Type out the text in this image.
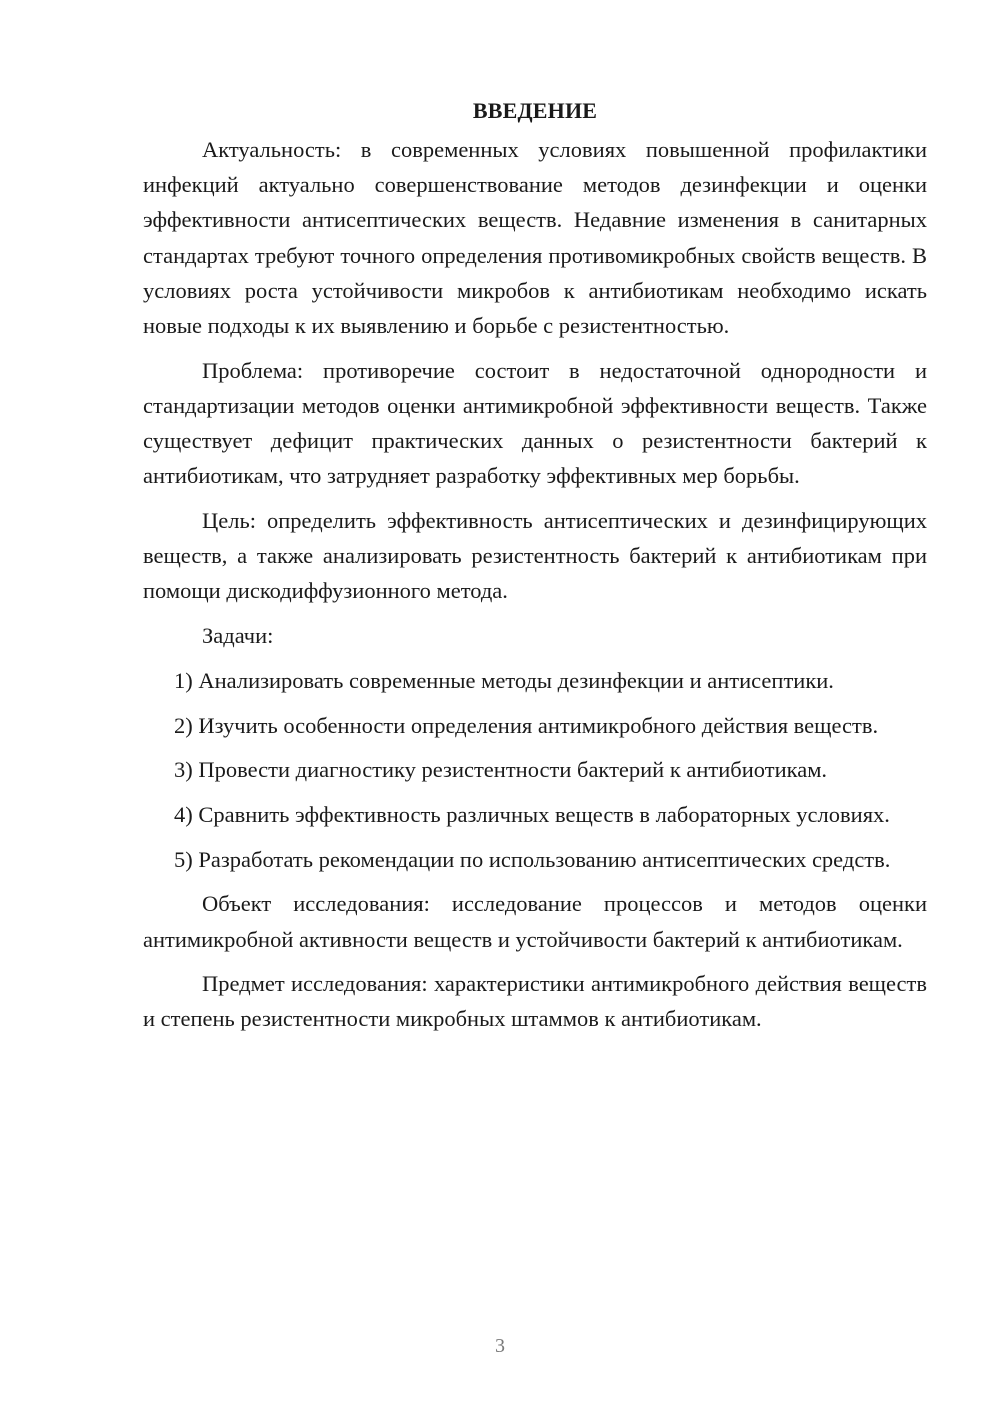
ВВЕДЕНИЕ

Актуальность: в современных условиях повышенной профилактики инфекций актуально совершенствование методов дезинфекции и оценки эффективности антисептических веществ. Недавние изменения в санитарных стандартах требуют точного определения противомикробных свойств веществ. В условиях роста устойчивости микробов к антибиотикам необходимо искать новые подходы к их выявлению и борьбе с резистентностью.

Проблема: противоречие состоит в недостаточной однородности и стандартизации методов оценки антимикробной эффективности веществ. Также существует дефицит практических данных о резистентности бактерий к антибиотикам, что затрудняет разработку эффективных мер борьбы.

Цель: определить эффективность антисептических и дезинфицирующих веществ, а также анализировать резистентность бактерий к антибиотикам при помощи дискодиффузионного метода.

Задачи:

1) Анализировать современные методы дезинфекции и антисептики.

2) Изучить особенности определения антимикробного действия веществ.

3) Провести диагностику резистентности бактерий к антибиотикам.

4) Сравнить эффективность различных веществ в лабораторных условиях.

5) Разработать рекомендации по использованию антисептических средств.

Объект исследования: исследование процессов и методов оценки антимикробной активности веществ и устойчивости бактерий к антибиотикам.

Предмет исследования: характеристики антимикробного действия веществ и степень резистентности микробных штаммов к антибиотикам.

3
